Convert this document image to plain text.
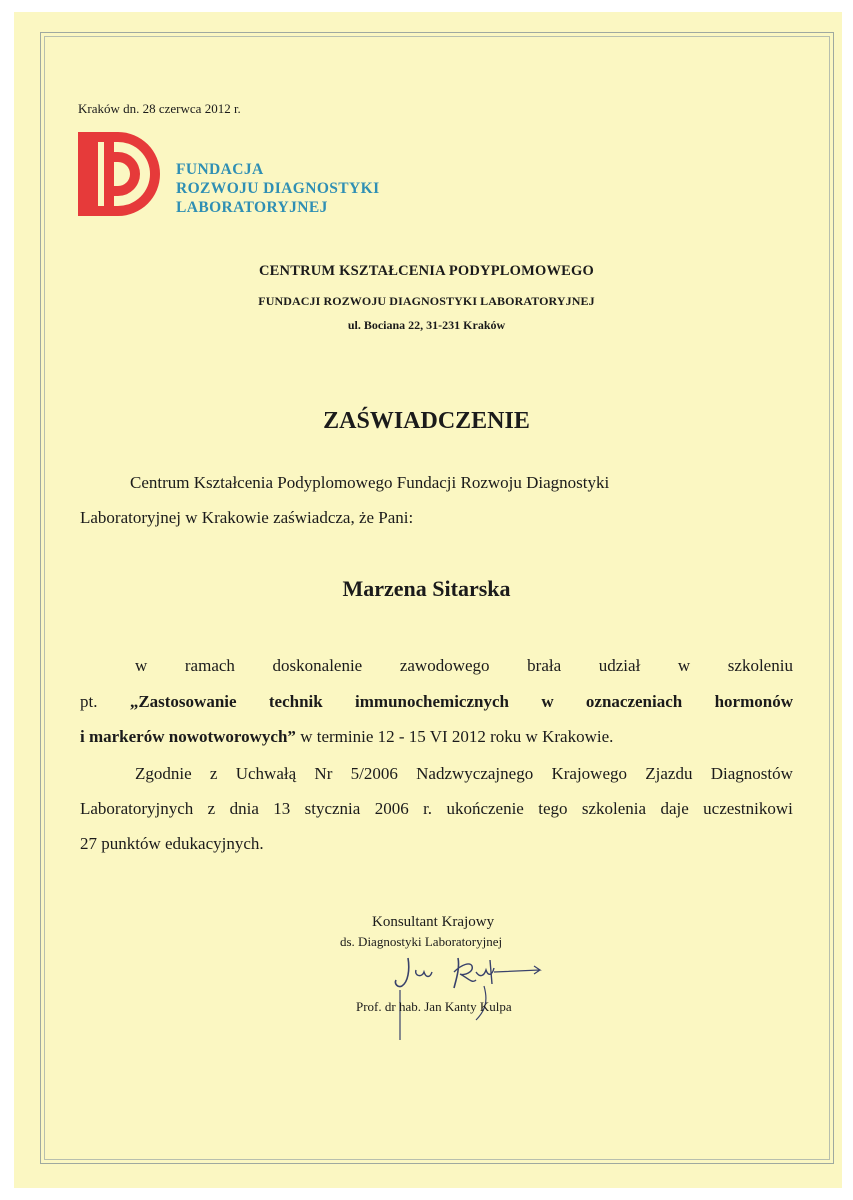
Kraków dn. 28 czerwca 2012 r.
FUNDACJA
ROZWOJU DIAGNOSTYKI
LABORATORYJNEJ
CENTRUM KSZTAŁCENIA PODYPLOMOWEGO
FUNDACJI ROZWOJU DIAGNOSTYKI LABORATORYJNEJ
ul. Bociana 22, 31-231 Kraków
ZAŚWIADCZENIE
Centrum Kształcenia Podyplomowego Fundacji Rozwoju Diagnostyki
Laboratoryjnej w Krakowie zaświadcza, że Pani:
Marzena Sitarska
w ramach doskonalenie zawodowego brała udział w szkoleniu
pt. „Zastosowanie technik immunochemicznych w oznaczeniach hormonów
i markerów nowotworowych” w terminie 12 - 15 VI 2012 roku w Krakowie.
Zgodnie z Uchwałą Nr 5/2006 Nadzwyczajnego Krajowego Zjazdu Diagnostów
Laboratoryjnych z dnia 13 stycznia 2006 r. ukończenie tego szkolenia daje uczestnikowi
27 punktów edukacyjnych.
Konsultant Krajowy
ds. Diagnostyki Laboratoryjnej
Prof. dr hab. Jan Kanty Kulpa
